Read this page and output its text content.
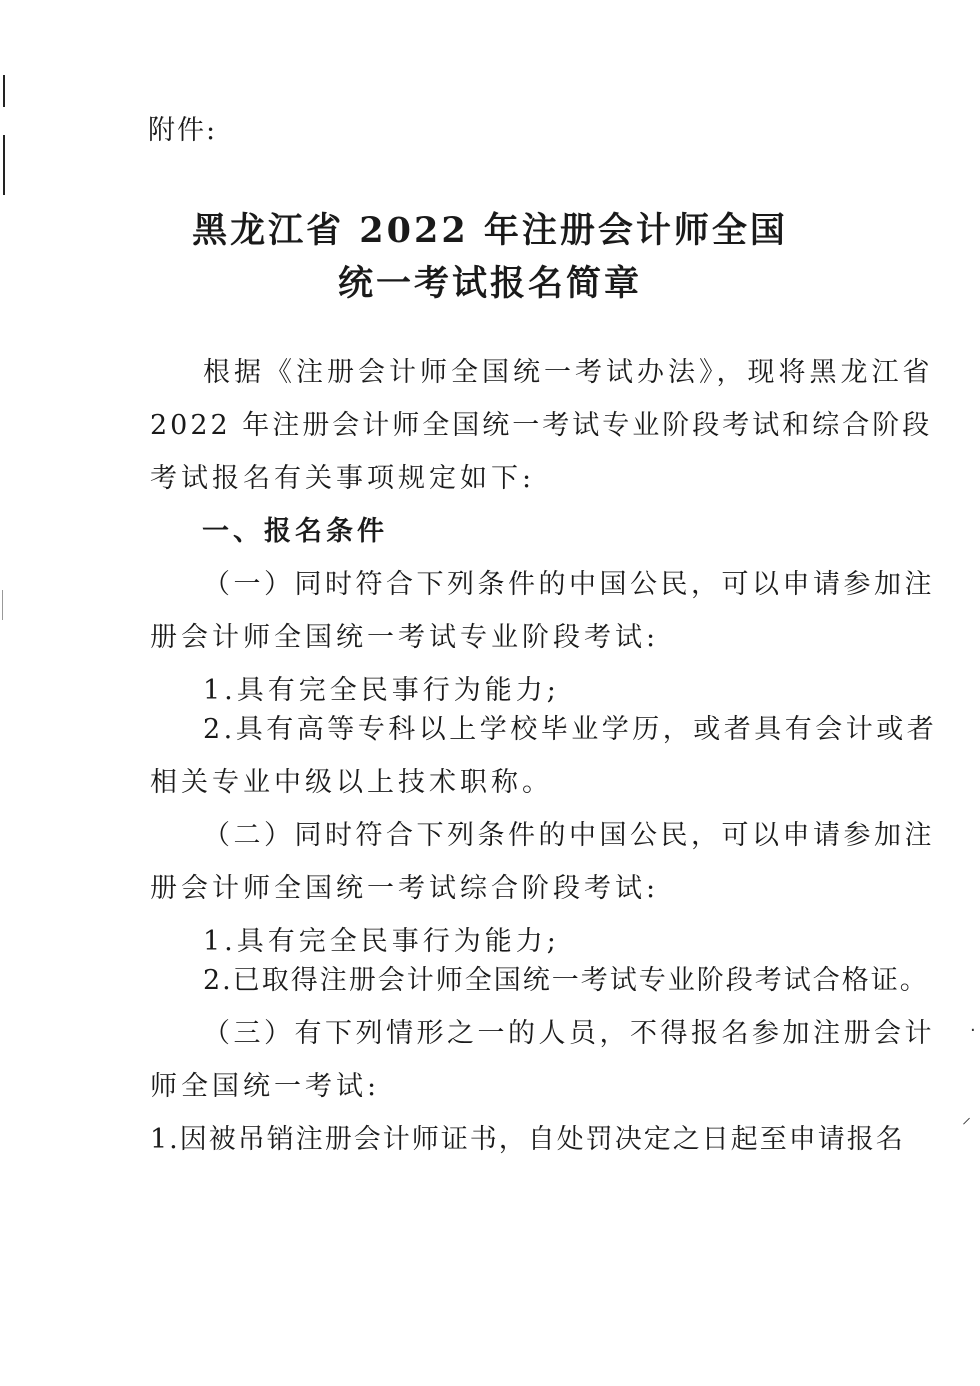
·
⸝

附件:

黑龙江省 2022 年注册会计师全国

统一考试报名简章

根据《注册会计师全国统一考试办法》，现将黑龙江省

2022 年注册会计师全国统一考试专业阶段考试和综合阶段

考试报名有关事项规定如下:

一、报名条件

（一）同时符合下列条件的中国公民，可以申请参加注

册会计师全国统一考试专业阶段考试:

1.具有完全民事行为能力;

2.具有高等专科以上学校毕业学历，或者具有会计或者

相关专业中级以上技术职称。

（二）同时符合下列条件的中国公民，可以申请参加注

册会计师全国统一考试综合阶段考试:

1.具有完全民事行为能力;

2.已取得注册会计师全国统一考试专业阶段考试合格证。

（三）有下列情形之一的人员，不得报名参加注册会计

师全国统一考试:

1.因被吊销注册会计师证书，自处罚决定之日起至申请报名
